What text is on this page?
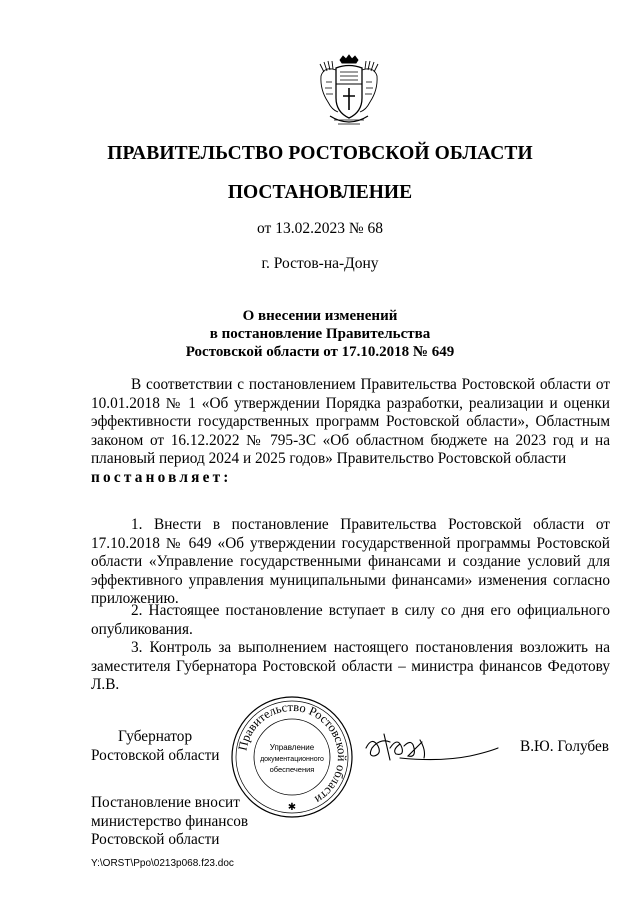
ПРАВИТЕЛЬСТВО РОСТОВСКОЙ ОБЛАСТИ
ПОСТАНОВЛЕНИЕ
от 13.02.2023 № 68
г. Ростов-на-Дону
О внесении изменений
в постановление Правительства
Ростовской области от 17.10.2018 № 649

В соответствии с постановлением Правительства Ростовской области от 10.01.2018 № 1 «Об утверждении Порядка разработки, реализации и оценки эффективности государственных программ Ростовской области», Областным законом от 16.12.2022 № 795-ЗС «Об областном бюджете на 2023 год и на плановый период 2024 и 2025 годов» Правительство Ростовской области
постановляет:

1. Внести в постановление Правительства Ростовской области от 17.10.2018 № 649 «Об утверждении государственной программы Ростовской области «Управление государственными финансами и создание условий для эффективного управления муниципальными финансами» изменения согласно приложению.

2. Настоящее постановление вступает в силу со дня его официального опубликования.

3. Контроль за выполнением настоящего постановления возложить на заместителя Губернатора Ростовской области – министра финансов Федотову Л.В.

Губернатор
Ростовской области
Правительство Ростовской области
Управление
документационного
обеспечения
✱
В.Ю. Голубев
Постановление вносит
министерство финансов
Ростовской области
Y:\ORST\Ppo\0213p068.f23.doc
